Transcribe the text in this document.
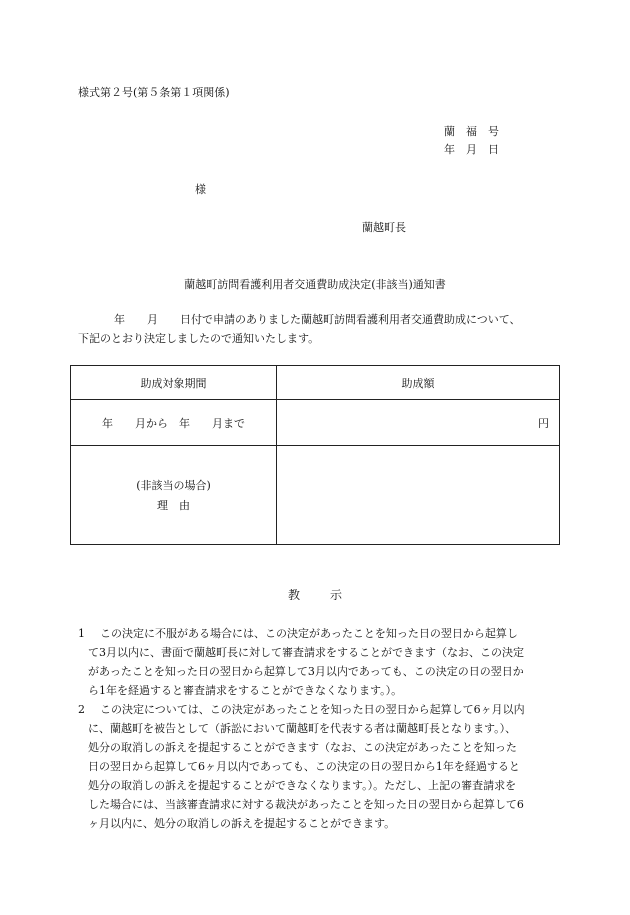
様式第２号(第５条第１項関係)
蘭　福　号
年　月　日
様
蘭越町長
蘭越町訪問看護利用者交通費助成決定(非該当)通知書
年　　月　　日付で申請のありました蘭越町訪問看護利用者交通費助成について、
下記のとおり決定しましたので通知いたします。
助成対象期間	助成額
年　　月から　年　　月まで	円

(非該当の場合)
理　由	

教示
1	この決定に不服がある場合には、この決定があったことを知った日の翌日から起算し
て3月以内に、書面で蘭越町長に対して審査請求をすることができます（なお、この決定
があったことを知った日の翌日から起算して3月以内であっても、この決定の日の翌日か
ら1年を経過すると審査請求をすることができなくなります。）。
2	この決定については、この決定があったことを知った日の翌日から起算して6ヶ月以内
に、蘭越町を被告として（訴訟において蘭越町を代表する者は蘭越町長となります。）、
処分の取消しの訴えを提起することができます（なお、この決定があったことを知った
日の翌日から起算して6ヶ月以内であっても、この決定の日の翌日から1年を経過すると
処分の取消しの訴えを提起することができなくなります。）。ただし、上記の審査請求を
した場合には、当該審査請求に対する裁決があったことを知った日の翌日から起算して6
ヶ月以内に、処分の取消しの訴えを提起することができます。
